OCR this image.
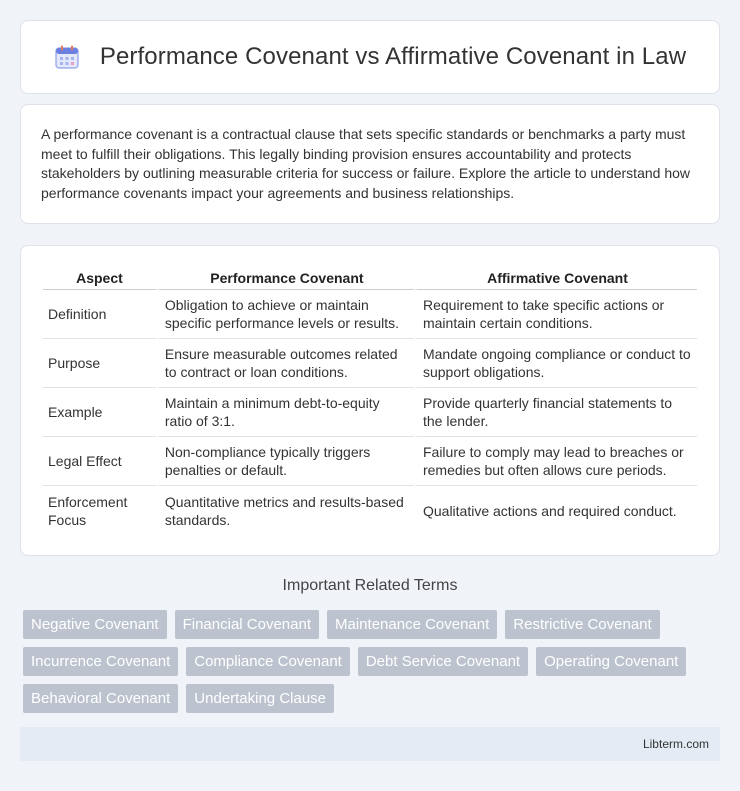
Performance Covenant vs Affirmative Covenant in Law

A performance covenant is a contractual clause that sets specific standards or benchmarks a party must meet to fulfill their obligations. This legally binding provision ensures accountability and protects stakeholders by outlining measurable criteria for success or failure. Explore the article to understand how performance covenants impact your agreements and business relationships.

Aspect	Performance Covenant	Affirmative Covenant
Definition	Obligation to achieve or maintain specific performance levels or results.	Requirement to take specific actions or maintain certain conditions.
Purpose	Ensure measurable outcomes related to contract or loan conditions.	Mandate ongoing compliance or conduct to support obligations.
Example	Maintain a minimum debt-to-equity ratio of 3:1.	Provide quarterly financial statements to the lender.
Legal Effect	Non-compliance typically triggers penalties or default.	Failure to comply may lead to breaches or remedies but often allows cure periods.
Enforcement Focus	Quantitative metrics and results-based standards.	Qualitative actions and required conduct.
Important Related Terms
Negative Covenant	Financial Covenant	Maintenance Covenant	Restrictive Covenant
Incurrence Covenant	Compliance Covenant	Debt Service Covenant	Operating Covenant
Behavioral Covenant	Undertaking Clause
Libterm.com
